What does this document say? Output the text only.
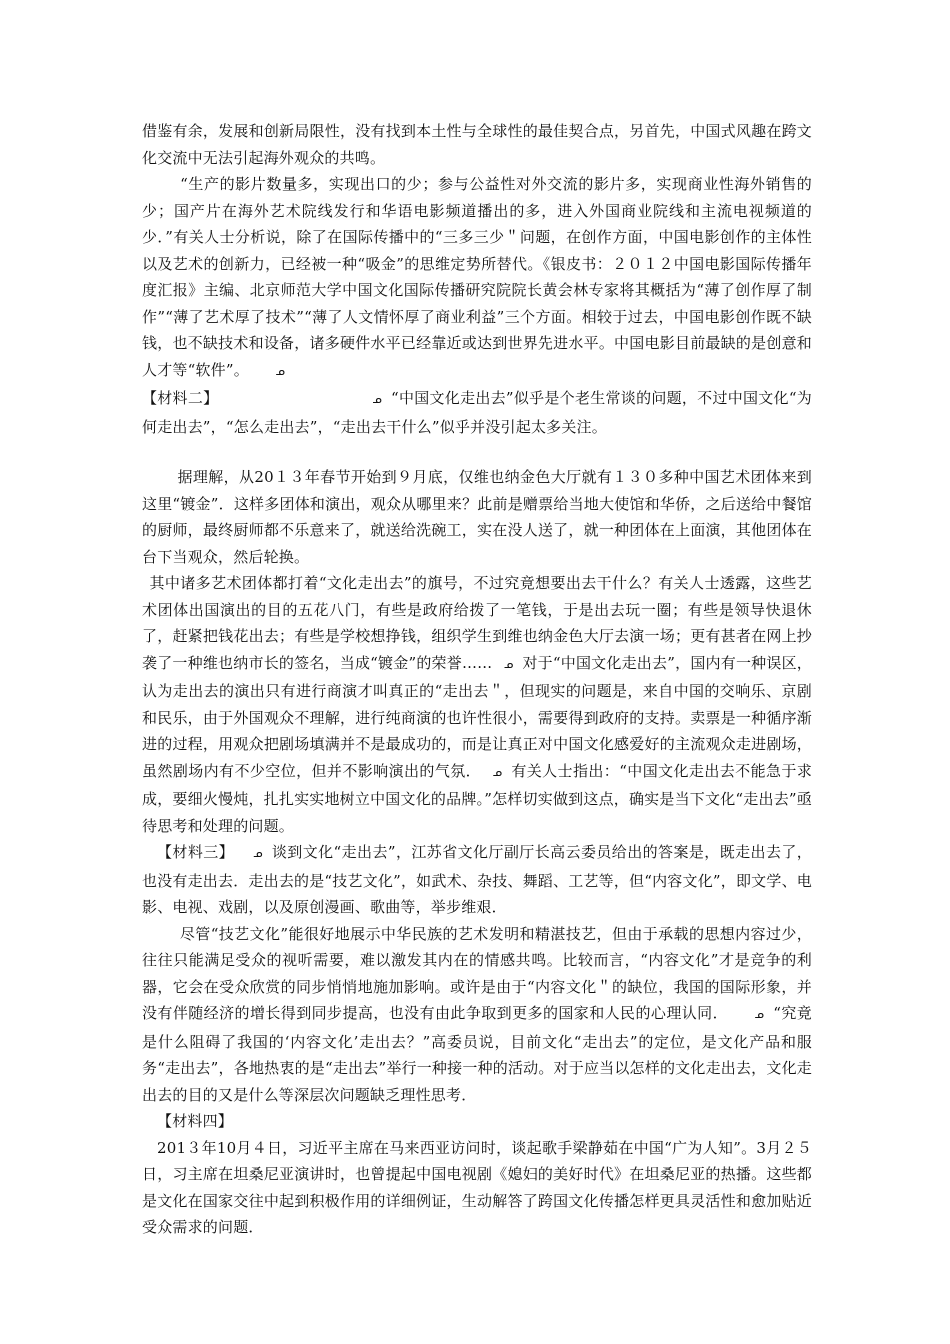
借鉴有余，发展和创新局限性，没有找到本土性与全球性的最佳契合点，另首先，中国式风趣在跨文化交流中无法引起海外观众的共鸣。

　“生产的影片数量多，实现出口的少；参与公益性对外交流的影片多，实现商业性海外销售的少；国产片在海外艺术院线发行和华语电影频道播出的多，进入外国商业院线和主流电视频道的少．”有关人士分析说，除了在国际传播中的“三多三少＂问题，在创作方面，中国电影创作的主体性以及艺术的创新力，已经被一种“吸金”的思维定势所替代。《银皮书：２０１２中国电影国际传播年度汇报》主编、北京师范大学中国文化国际传播研究院院长黄会林专家将其概括为“薄了创作厚了制作”“薄了艺术厚了技术”“薄了人文情怀厚了商业利益”三个方面。相较于过去，中国电影创作既不缺钱，也不缺技术和设备，诸多硬件水平已经靠近或达到世界先进水平。中国电影目前最缺的是创意和人才等“软件”。 ᓄ

【材料二】	ᓄ “中国文化走出去”似乎是个老生常谈的问题，不过中国文化“为何走出去”，“怎么走出去”，“走出去干什么”似乎并没引起太多关注。

　 据理解，从20１３年春节开始到９月底，仅维也纳金色大厅就有１３０多种中国艺术团体来到这里“镀金”．这样多团体和演出，观众从哪里来？此前是赠票给当地大使馆和华侨，之后送给中餐馆的厨师，最终厨师都不乐意来了，就送给洗碗工，实在没人送了，就一种团体在上面演，其他团体在台下当观众，然后轮换。

其中诸多艺术团体都打着“文化走出去”的旗号，不过究竟想要出去干什么？有关人士透露，这些艺术团体出国演出的目的五花八门，有些是政府给拨了一笔钱，于是出去玩一圈；有些是领导快退休了，赶紧把钱花出去；有些是学校想挣钱，组织学生到维也纳金色大厅去演一场；更有甚者在网上抄袭了一种维也纳市长的签名，当成“镀金”的荣誉…… ᓄ 对于“中国文化走出去”，国内有一种误区，认为走出去的演出只有进行商演才叫真正的“走出去＂，但现实的问题是，来自中国的交响乐、京剧和民乐，由于外国观众不理解，进行纯商演的也许性很小，需要得到政府的支持。卖票是一种循序渐进的过程，用观众把剧场填满并不是最成功的，而是让真正对中国文化感爱好的主流观众走进剧场，虽然剧场内有不少空位，但并不影响演出的气氛． ᓄ 有关人士指出：“中国文化走出去不能急于求成，要细火慢炖，扎扎实实地树立中国文化的品牌。”怎样切实做到这点，确实是当下文化“走出去”亟待思考和处理的问题。

【材料三】 ᓄ 谈到文化“走出去”，江苏省文化厅副厅长高云委员给出的答案是，既走出去了，也没有走出去．走出去的是“技艺文化”，如武术、杂技、舞蹈、工艺等，但“内容文化”，即文学、电影、电视、戏剧，以及原创漫画、歌曲等，举步维艰．

　尽管“技艺文化”能很好地展示中华民族的艺术发明和精湛技艺，但由于承载的思想内容过少，往往只能满足受众的视听需要，难以激发其内在的情感共鸣。比较而言，“内容文化”才是竞争的利器，它会在受众欣赏的同步悄悄地施加影响。或许是由于“内容文化＂的缺位，我国的国际形象，并没有伴随经济的增长得到同步提高，也没有由此争取到更多的国家和人民的心理认同． ᓄ “究竟是什么阻碍了我国的‘内容文化’走出去？”高委员说，目前文化“走出去”的定位，是文化产品和服务“走出去”，各地热衷的是“走出去”举行一种接一种的活动。对于应当以怎样的文化走出去，文化走出去的目的又是什么等深层次问题缺乏理性思考．

【材料四】

201３年10月４日，习近平主席在马来西亚访问时，谈起歌手梁静茹在中国“广为人知”。3月２５日，习主席在坦桑尼亚演讲时，也曾提起中国电视剧《媳妇的美好时代》在坦桑尼亚的热播。这些都是文化在国家交往中起到积极作用的详细例证，生动解答了跨国文化传播怎样更具灵活性和愈加贴近受众需求的问题．
